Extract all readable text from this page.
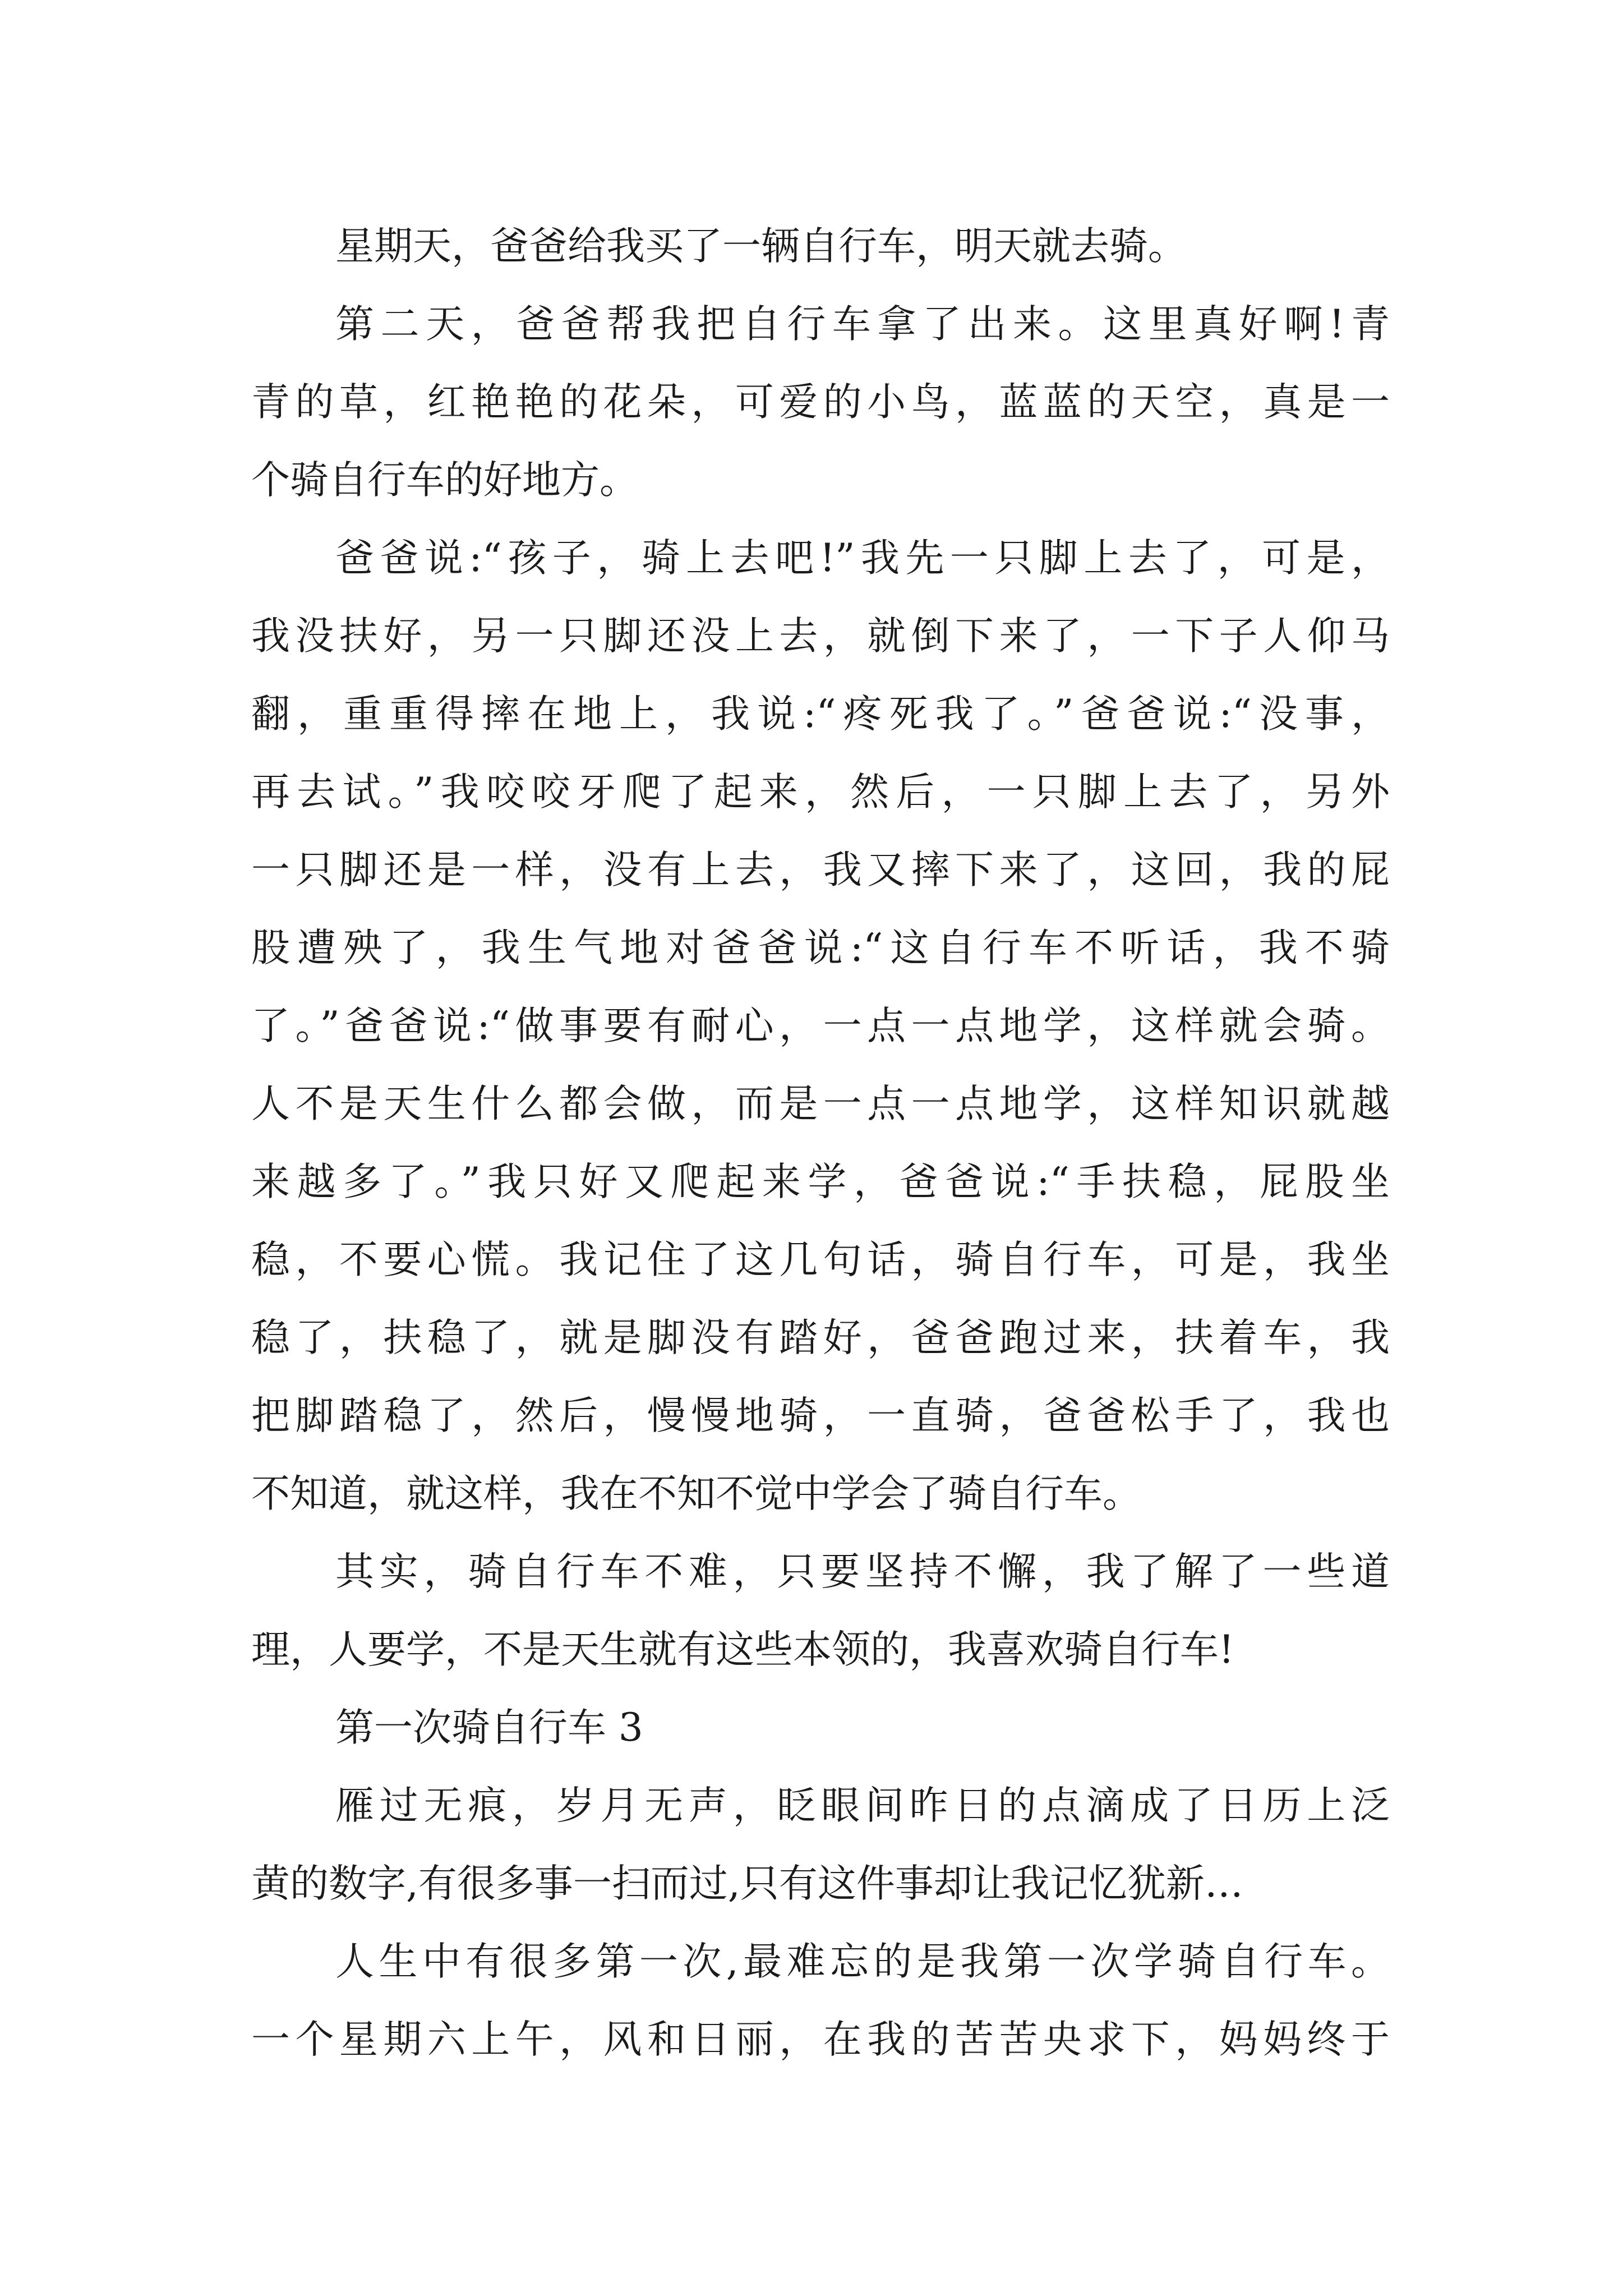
星期天，爸爸给我买了一辆自行车，明天就去骑。
第二天，爸爸帮我把自行车拿了出来。这里真好啊!青
青的草，红艳艳的花朵，可爱的小鸟，蓝蓝的天空，真是一
个骑自行车的好地方。
爸爸说:“孩子，骑上去吧!”我先一只脚上去了，可是，
我没扶好，另一只脚还没上去，就倒下来了，一下子人仰马
翻，重重得摔在地上，我说:“疼死我了。”爸爸说:“没事，
再去试。”我咬咬牙爬了起来，然后，一只脚上去了，另外
一只脚还是一样，没有上去，我又摔下来了，这回，我的屁
股遭殃了，我生气地对爸爸说:“这自行车不听话，我不骑
了。”爸爸说:“做事要有耐心，一点一点地学，这样就会骑。
人不是天生什么都会做，而是一点一点地学，这样知识就越
来越多了。”我只好又爬起来学，爸爸说:“手扶稳，屁股坐
稳，不要心慌。我记住了这几句话，骑自行车，可是，我坐
稳了，扶稳了，就是脚没有踏好，爸爸跑过来，扶着车，我
把脚踏稳了，然后，慢慢地骑，一直骑，爸爸松手了，我也
不知道，就这样，我在不知不觉中学会了骑自行车。
其实，骑自行车不难，只要坚持不懈，我了解了一些道
理，人要学，不是天生就有这些本领的，我喜欢骑自行车!
第一次骑自行车 3
雁过无痕，岁月无声，眨眼间昨日的点滴成了日历上泛
黄的数字,有很多事一扫而过,只有这件事却让我记忆犹新…
人生中有很多第一次,最难忘的是我第一次学骑自行车。
一个星期六上午，风和日丽，在我的苦苦央求下，妈妈终于
